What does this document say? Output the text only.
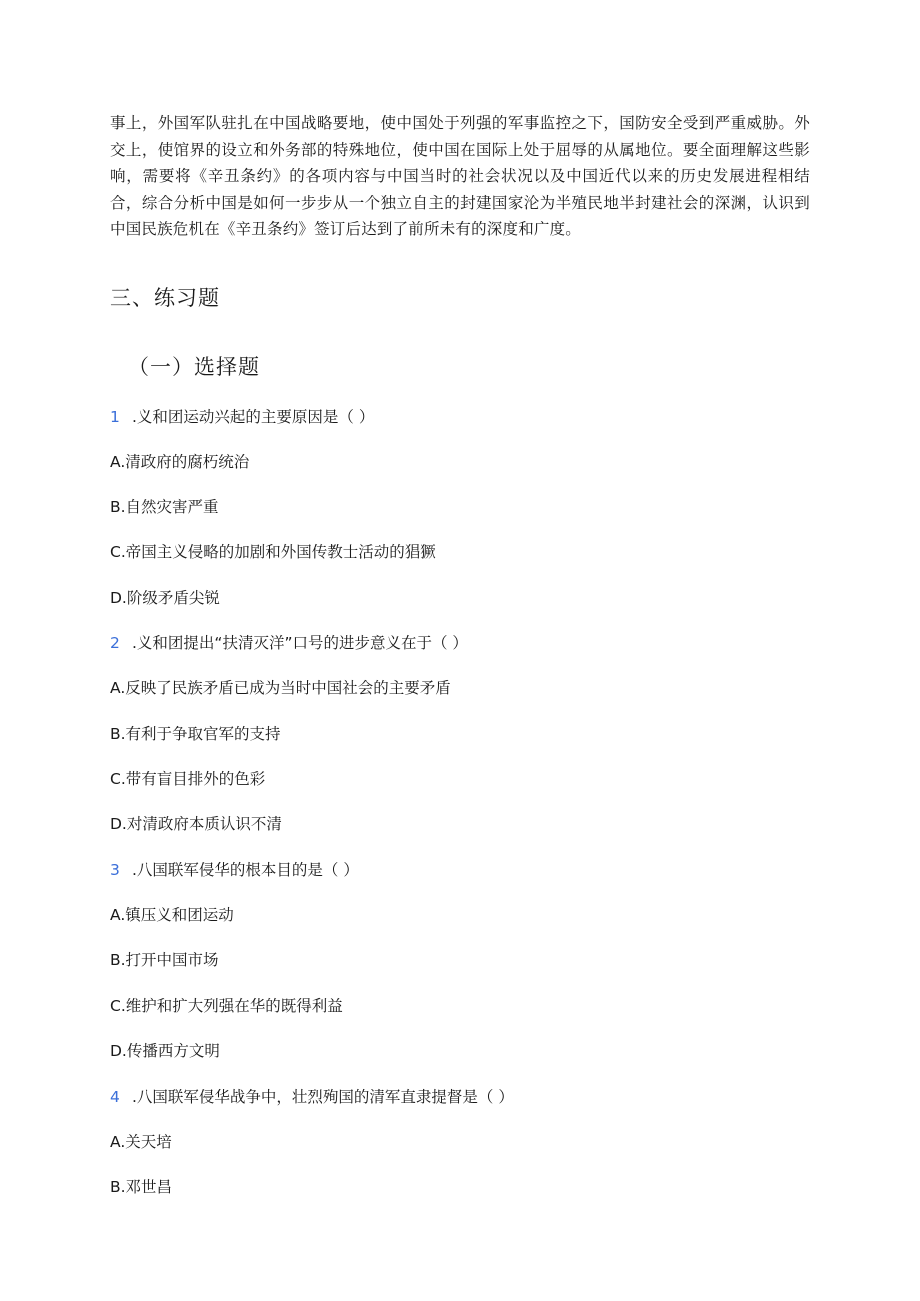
事上，外国军队驻扎在中国战略要地，使中国处于列强的军事监控之下，国防安全受到严重威胁。外交上，使馆界的设立和外务部的特殊地位，使中国在国际上处于屈辱的从属地位。要全面理解这些影响，需要将《辛丑条约》的各项内容与中国当时的社会状况以及中国近代以来的历史发展进程相结合，综合分析中国是如何一步步从一个独立自主的封建国家沦为半殖民地半封建社会的深渊，认识到中国民族危机在《辛丑条约》签订后达到了前所未有的深度和广度。

三、练习题
（一）选择题
1 .义和团运动兴起的主要原因是（ ）
A.清政府的腐朽统治
B.自然灾害严重
C.帝国主义侵略的加剧和外国传教士活动的猖獗
D.阶级矛盾尖锐
2 .义和团提出“扶清灭洋”口号的进步意义在于（ ）
A.反映了民族矛盾已成为当时中国社会的主要矛盾
B.有利于争取官军的支持
C.带有盲目排外的色彩
D.对清政府本质认识不清
3 .八国联军侵华的根本目的是（ ）
A.镇压义和团运动
B.打开中国市场
C.维护和扩大列强在华的既得利益
D.传播西方文明
4 .八国联军侵华战争中，壮烈殉国的清军直隶提督是（ ）
A.关天培
B.邓世昌
